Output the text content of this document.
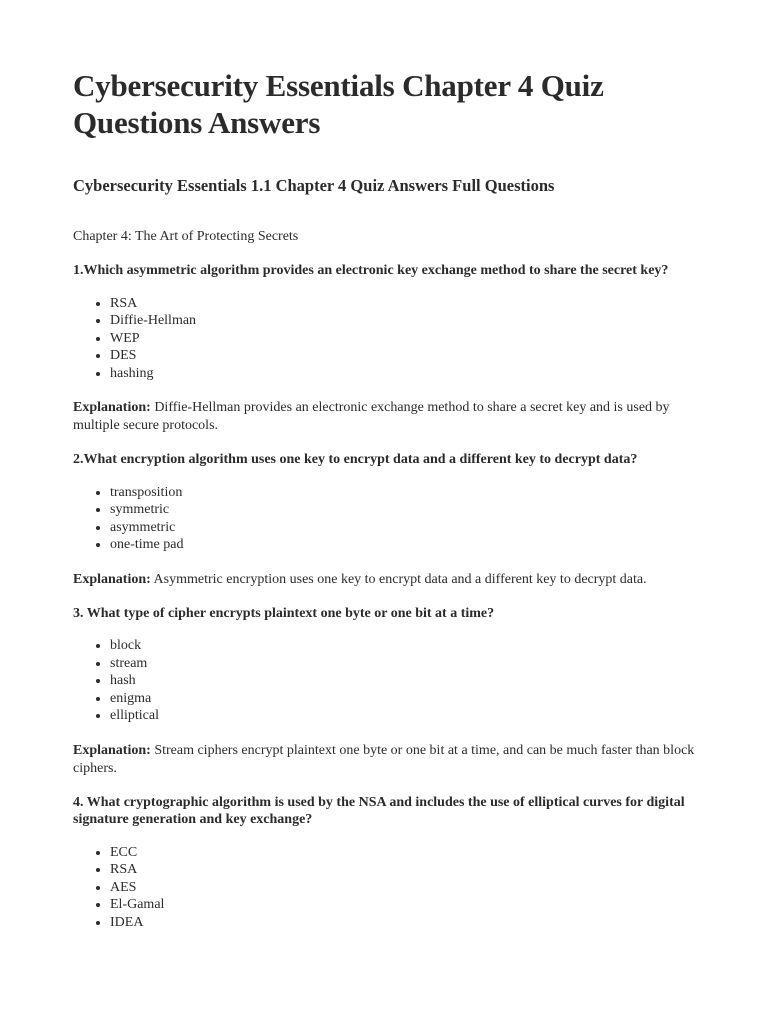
Cybersecurity Essentials Chapter 4 Quiz Questions Answers
Cybersecurity Essentials 1.1 Chapter 4 Quiz Answers Full Questions

Chapter 4: The Art of Protecting Secrets

1.Which asymmetric algorithm provides an electronic key exchange method to share the secret key?

• RSA
• Diffie-Hellman
• WEP
• DES
• hashing

Explanation: Diffie-Hellman provides an electronic exchange method to share a secret key and is used by multiple secure protocols.

2.What encryption algorithm uses one key to encrypt data and a different key to decrypt data?

• transposition
• symmetric
• asymmetric
• one-time pad

Explanation: Asymmetric encryption uses one key to encrypt data and a different key to decrypt data.

3. What type of cipher encrypts plaintext one byte or one bit at a time?

• block
• stream
• hash
• enigma
• elliptical

Explanation: Stream ciphers encrypt plaintext one byte or one bit at a time, and can be much faster than block ciphers.

4. What cryptographic algorithm is used by the NSA and includes the use of elliptical curves for digital signature generation and key exchange?

• ECC
• RSA
• AES
• El-Gamal
• IDEA
